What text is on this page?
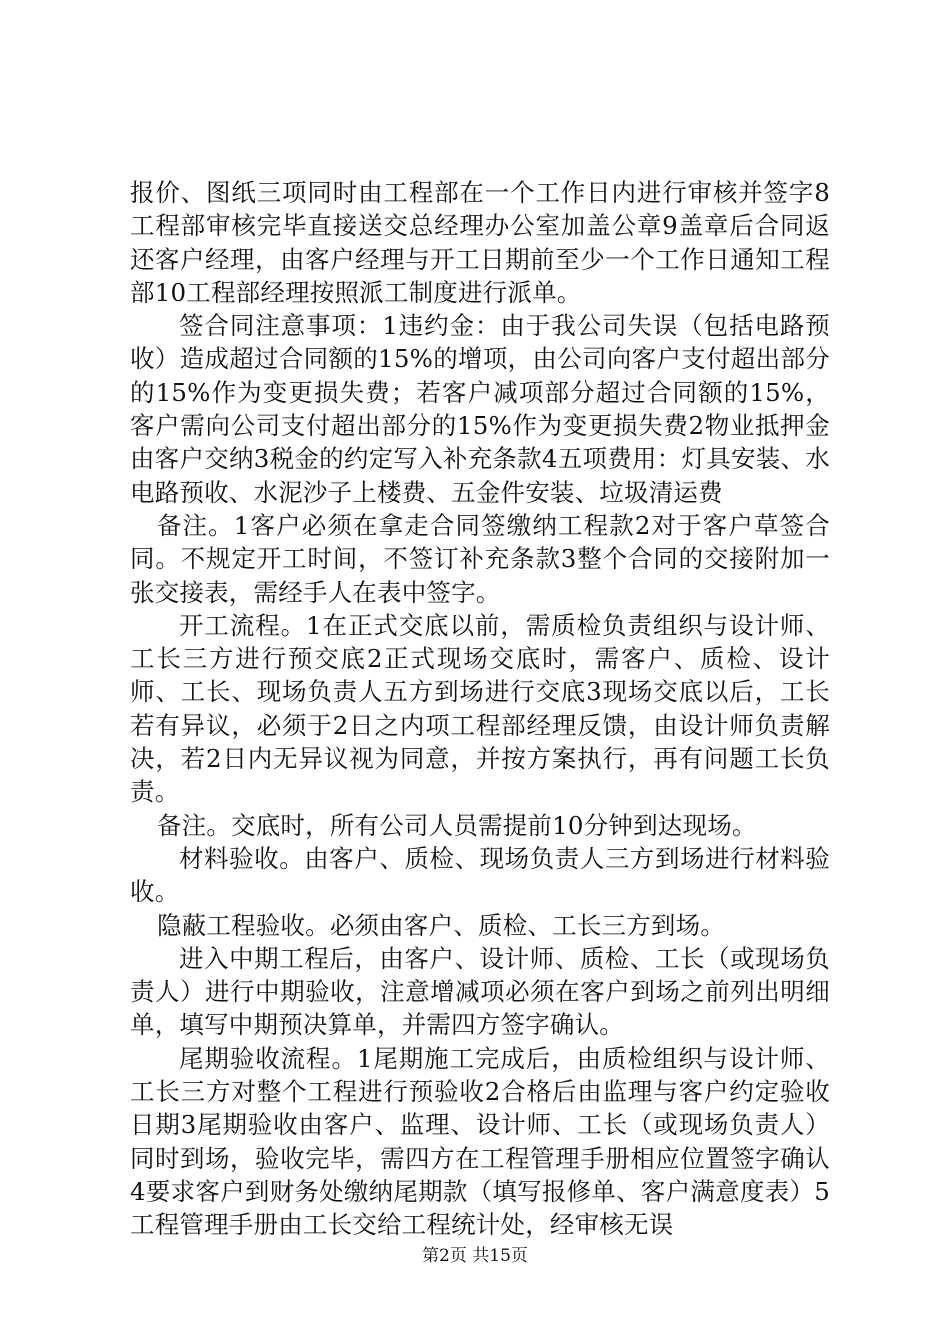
报价、图纸三项同时由工程部在一个工作日内进行审核并签字8工程部审核完毕直接送交总经理办公室加盖公章9盖章后合同返还客户经理，由客户经理与开工日期前至少一个工作日通知工程部10工程部经理按照派工制度进行派单。

签合同注意事项：1违约金：由于我公司失误（包括电路预收）造成超过合同额的15%的增项，由公司向客户支付超出部分的15%作为变更损失费；若客户减项部分超过合同额的15%，客户需向公司支付超出部分的15%作为变更损失费2物业抵押金由客户交纳3税金的约定写入补充条款4五项费用：灯具安装、水电路预收、水泥沙子上楼费、五金件安装、垃圾清运费

备注。1客户必须在拿走合同签缴纳工程款2对于客户草签合同。不规定开工时间，不签订补充条款3整个合同的交接附加一张交接表，需经手人在表中签字。

开工流程。1在正式交底以前，需质检负责组织与设计师、工长三方进行预交底2正式现场交底时，需客户、质检、设计师、工长、现场负责人五方到场进行交底3现场交底以后，工长若有异议，必须于2日之内项工程部经理反馈，由设计师负责解决，若2日内无异议视为同意，并按方案执行，再有问题工长负责。

备注。交底时，所有公司人员需提前10分钟到达现场。

材料验收。由客户、质检、现场负责人三方到场进行材料验收。

隐蔽工程验收。必须由客户、质检、工长三方到场。

进入中期工程后，由客户、设计师、质检、工长（或现场负责人）进行中期验收，注意增减项必须在客户到场之前列出明细单，填写中期预决算单，并需四方签字确认。

尾期验收流程。1尾期施工完成后，由质检组织与设计师、工长三方对整个工程进行预验收2合格后由监理与客户约定验收日期3尾期验收由客户、监理、设计师、工长（或现场负责人）同时到场，验收完毕，需四方在工程管理手册相应位置签字确认4要求客户到财务处缴纳尾期款（填写报修单、客户满意度表）5工程管理手册由工长交给工程统计处，经审核无误

第2页 共15页
